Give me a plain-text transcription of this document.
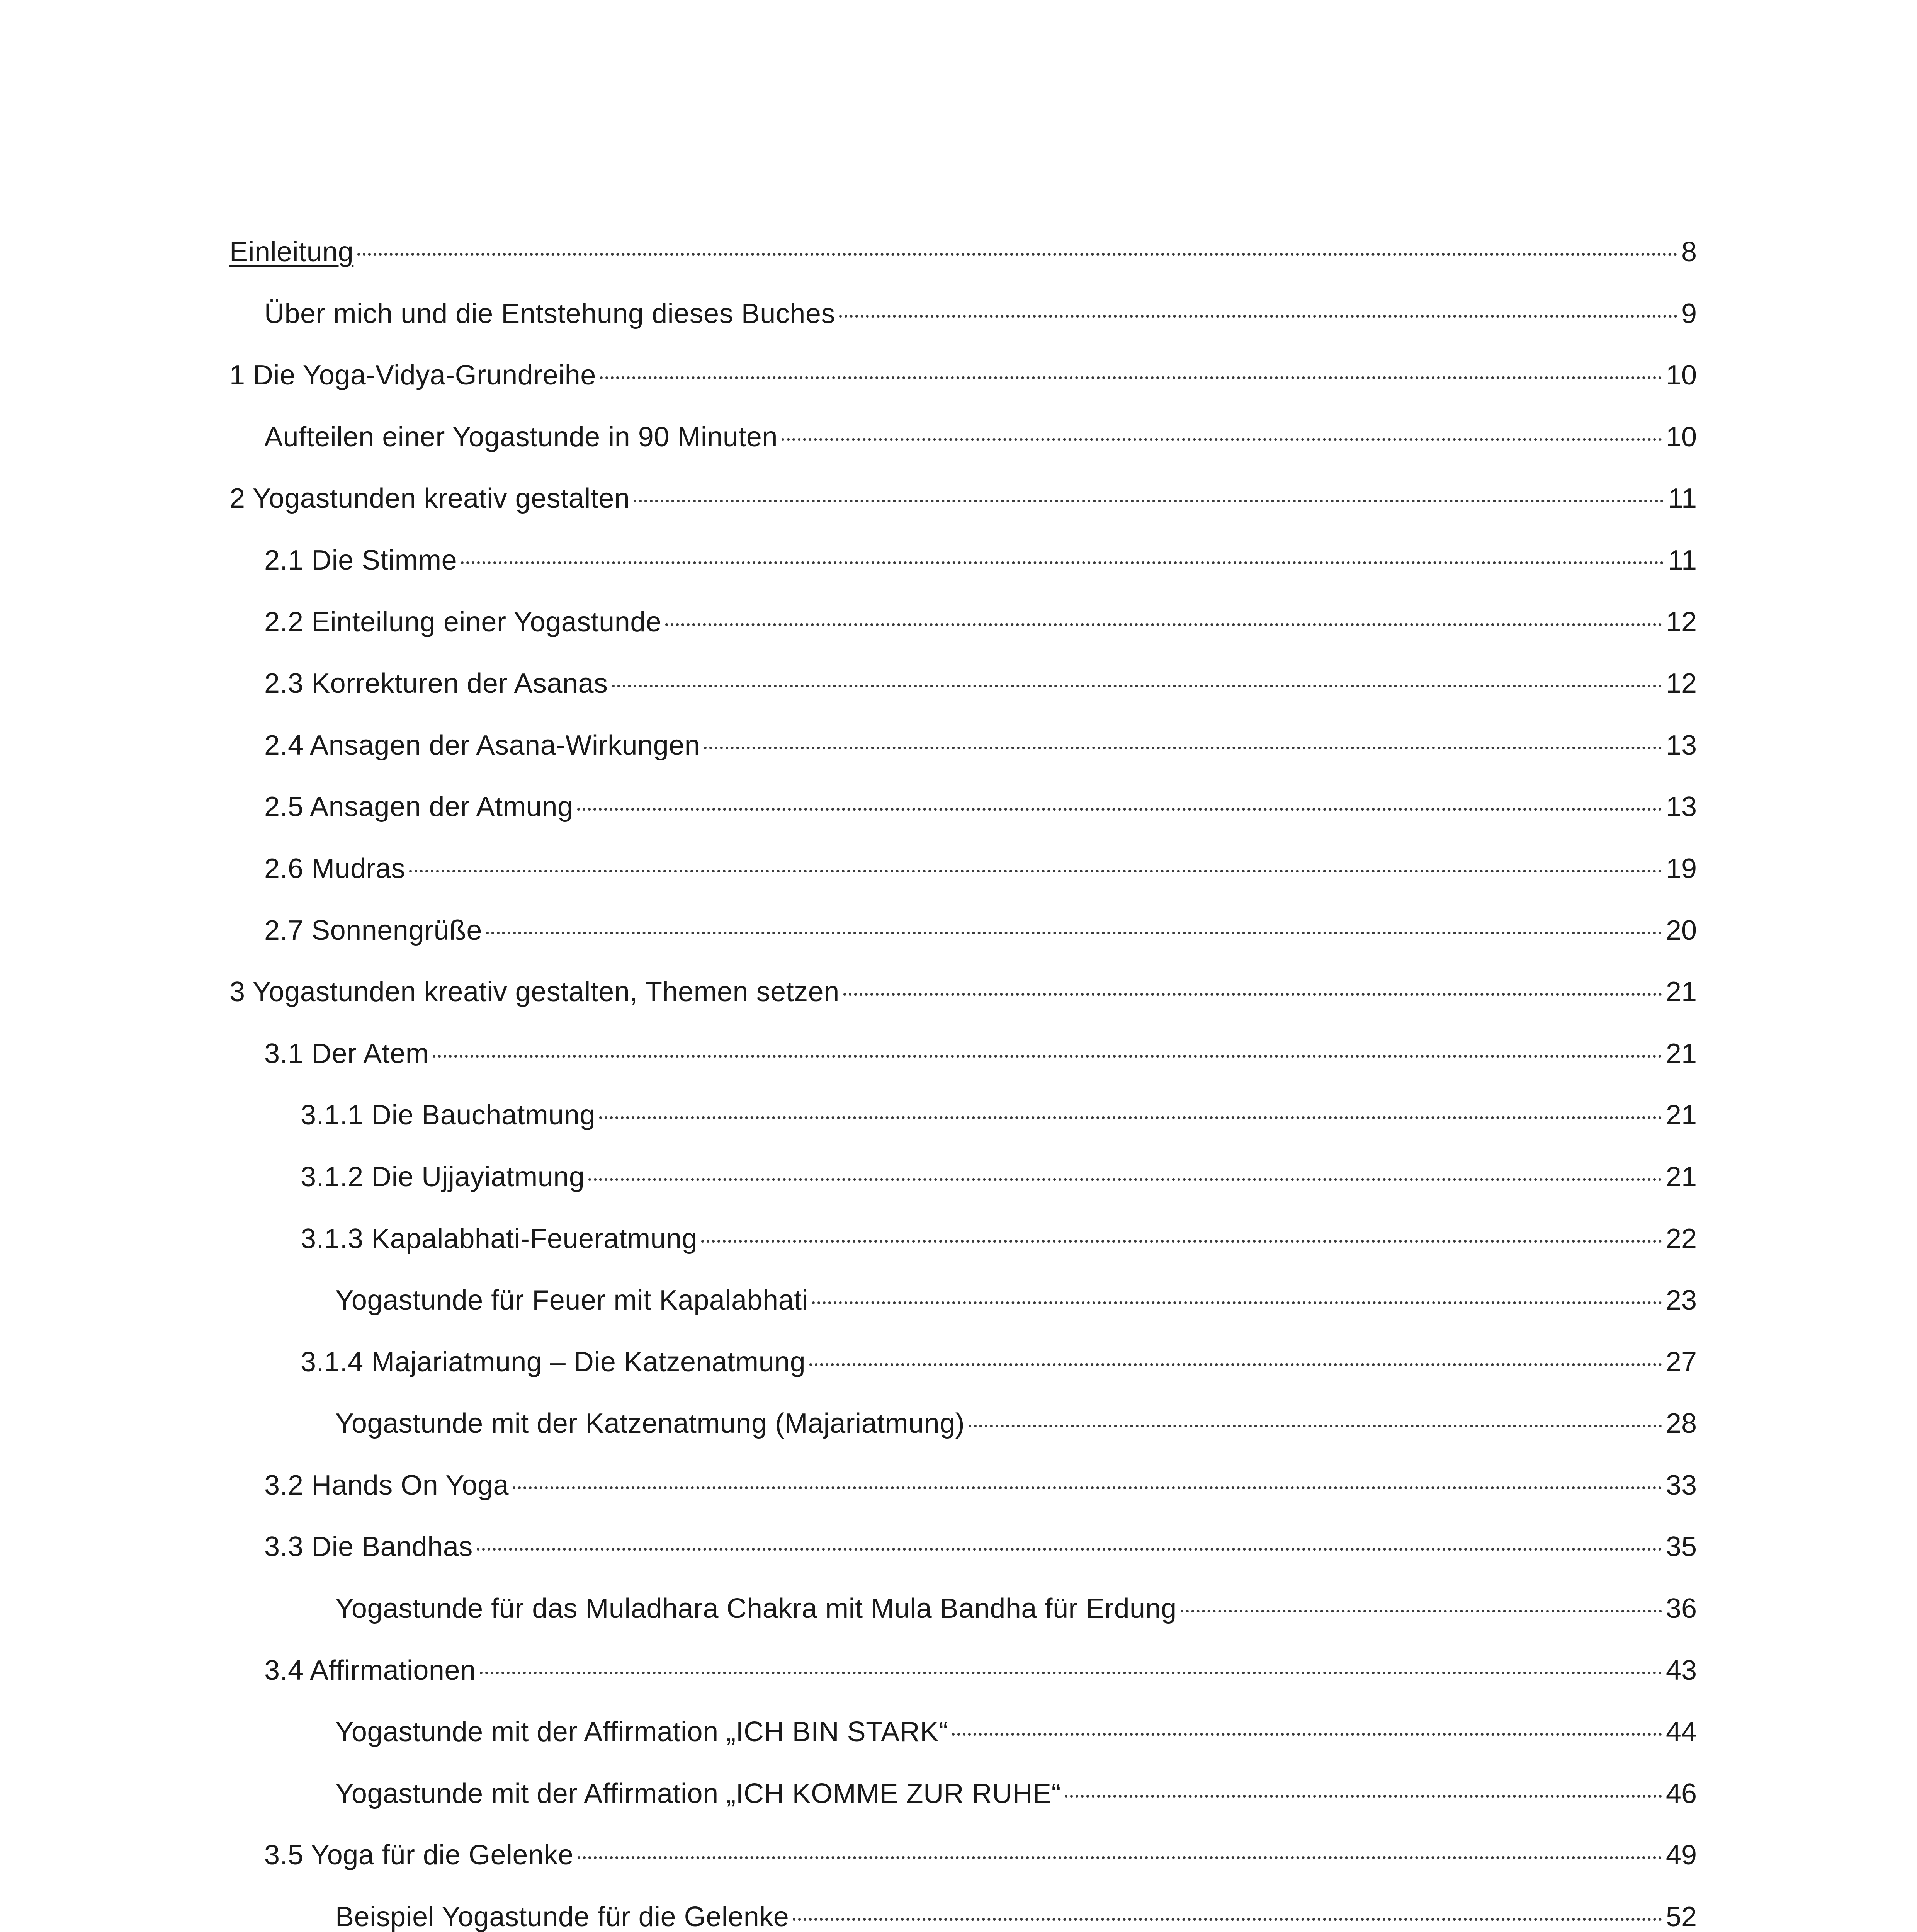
Einleitung	8
Über mich und die Entstehung dieses Buches	9
1 Die Yoga-Vidya-Grundreihe	10
Aufteilen einer Yogastunde in 90 Minuten	10
2 Yogastunden kreativ gestalten	11
2.1 Die Stimme	11
2.2 Einteilung einer Yogastunde	12
2.3 Korrekturen der Asanas	12
2.4 Ansagen der Asana-Wirkungen	13
2.5 Ansagen der Atmung	13
2.6 Mudras	19
2.7 Sonnengrüße	20
3 Yogastunden kreativ gestalten, Themen setzen	21
3.1 Der Atem	21
3.1.1 Die Bauchatmung	21
3.1.2 Die Ujjayiatmung	21
3.1.3 Kapalabhati-Feueratmung	22
Yogastunde für Feuer mit Kapalabhati	23
3.1.4 Majariatmung – Die Katzenatmung	27
Yogastunde mit der Katzenatmung (Majariatmung)	28
3.2 Hands On Yoga	33
3.3 Die Bandhas	35
Yogastunde für das Muladhara Chakra mit Mula Bandha für Erdung	36
3.4 Affirmationen	43
Yogastunde mit der Affirmation „ICH BIN STARK“	44
Yogastunde mit der Affirmation „ICH KOMME ZUR RUHE“	46
3.5 Yoga für die Gelenke	49
Beispiel Yogastunde für die Gelenke	52
